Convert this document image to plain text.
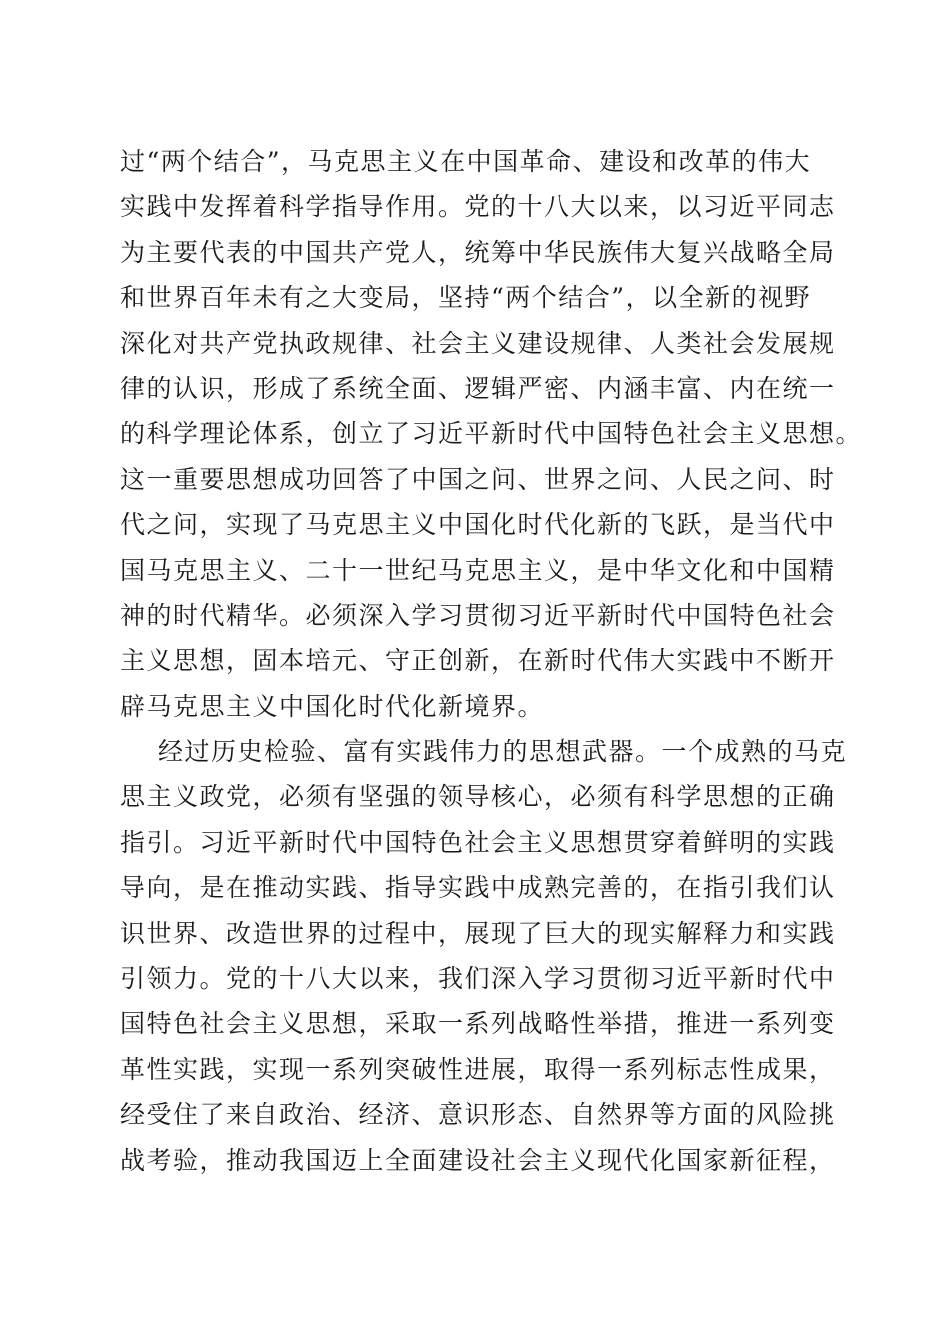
过“两个结合”，马克思主义在中国革命、建设和改革的伟大
实践中发挥着科学指导作用。党的十八大以来，以习近平同志
为主要代表的中国共产党人，统筹中华民族伟大复兴战略全局
和世界百年未有之大变局，坚持“两个结合”，以全新的视野
深化对共产党执政规律、社会主义建设规律、人类社会发展规
律的认识，形成了系统全面、逻辑严密、内涵丰富、内在统一
的科学理论体系，创立了习近平新时代中国特色社会主义思想。
这一重要思想成功回答了中国之问、世界之问、人民之问、时
代之问，实现了马克思主义中国化时代化新的飞跃，是当代中
国马克思主义、二十一世纪马克思主义，是中华文化和中国精
神的时代精华。必须深入学习贯彻习近平新时代中国特色社会
主义思想，固本培元、守正创新，在新时代伟大实践中不断开
辟马克思主义中国化时代化新境界。
经过历史检验、富有实践伟力的思想武器。一个成熟的马克
思主义政党，必须有坚强的领导核心，必须有科学思想的正确
指引。习近平新时代中国特色社会主义思想贯穿着鲜明的实践
导向，是在推动实践、指导实践中成熟完善的，在指引我们认
识世界、改造世界的过程中，展现了巨大的现实解释力和实践
引领力。党的十八大以来，我们深入学习贯彻习近平新时代中
国特色社会主义思想，采取一系列战略性举措，推进一系列变
革性实践，实现一系列突破性进展，取得一系列标志性成果，
经受住了来自政治、经济、意识形态、自然界等方面的风险挑
战考验，推动我国迈上全面建设社会主义现代化国家新征程，
